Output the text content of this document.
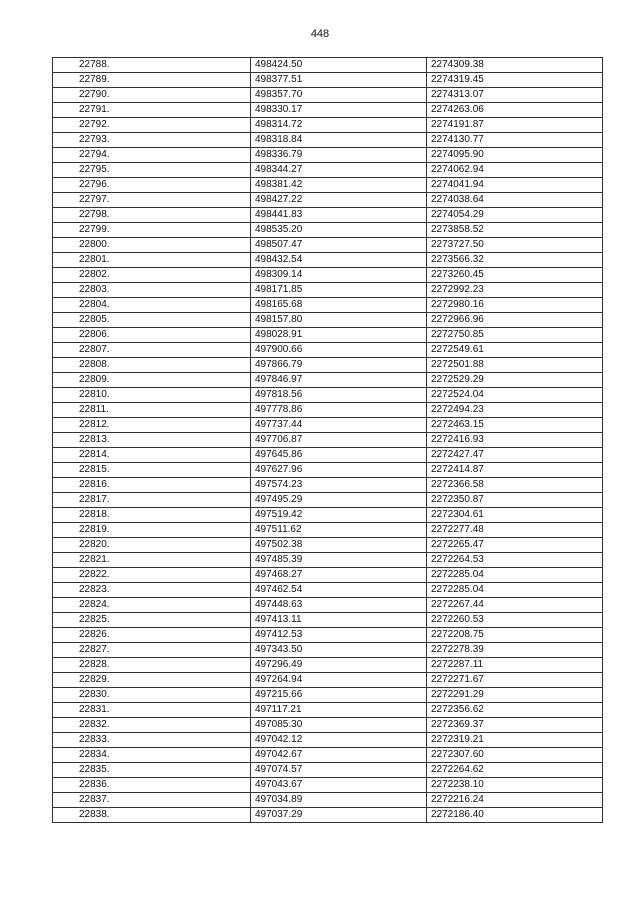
448
22788.	498424.50	2274309.38
22789.	498377.51	2274319.45
22790.	498357.70	2274313.07
22791.	498330.17	2274263.06
22792.	498314.72	2274191.87
22793.	498318.84	2274130.77
22794.	498336.79	2274095.90
22795.	498344.27	2274062.94
22796.	498381.42	2274041.94
22797.	498427.22	2274038.64
22798.	498441.83	2274054.29
22799.	498535.20	2273858.52
22800.	498507.47	2273727.50
22801.	498432.54	2273566.32
22802.	498309.14	2273260.45
22803.	498171.85	2272992.23
22804.	498165.68	2272980.16
22805.	498157.80	2272966.96
22806.	498028.91	2272750.85
22807.	497900.66	2272549.61
22808.	497866.79	2272501.88
22809.	497846.97	2272529.29
22810.	497818.56	2272524.04
22811.	497778.86	2272494.23
22812.	497737.44	2272463.15
22813.	497706.87	2272416.93
22814.	497645.86	2272427.47
22815.	497627.96	2272414.87
22816.	497574.23	2272366.58
22817.	497495.29	2272350.87
22818.	497519.42	2272304.61
22819.	497511.62	2272277.48
22820.	497502.38	2272265.47
22821.	497485.39	2272264.53
22822.	497468.27	2272285.04
22823.	497462.54	2272285.04
22824.	497448.63	2272267.44
22825.	497413.11	2272260.53
22826.	497412.53	2272208.75
22827.	497343.50	2272278.39
22828.	497296.49	2272287.11
22829.	497264.94	2272271.67
22830.	497215.66	2272291.29
22831.	497117.21	2272356.62
22832.	497085.30	2272369.37
22833.	497042.12	2272319.21
22834.	497042.67	2272307.60
22835.	497074.57	2272264.62
22836.	497043.67	2272238.10
22837.	497034.89	2272216.24
22838.	497037.29	2272186.40
